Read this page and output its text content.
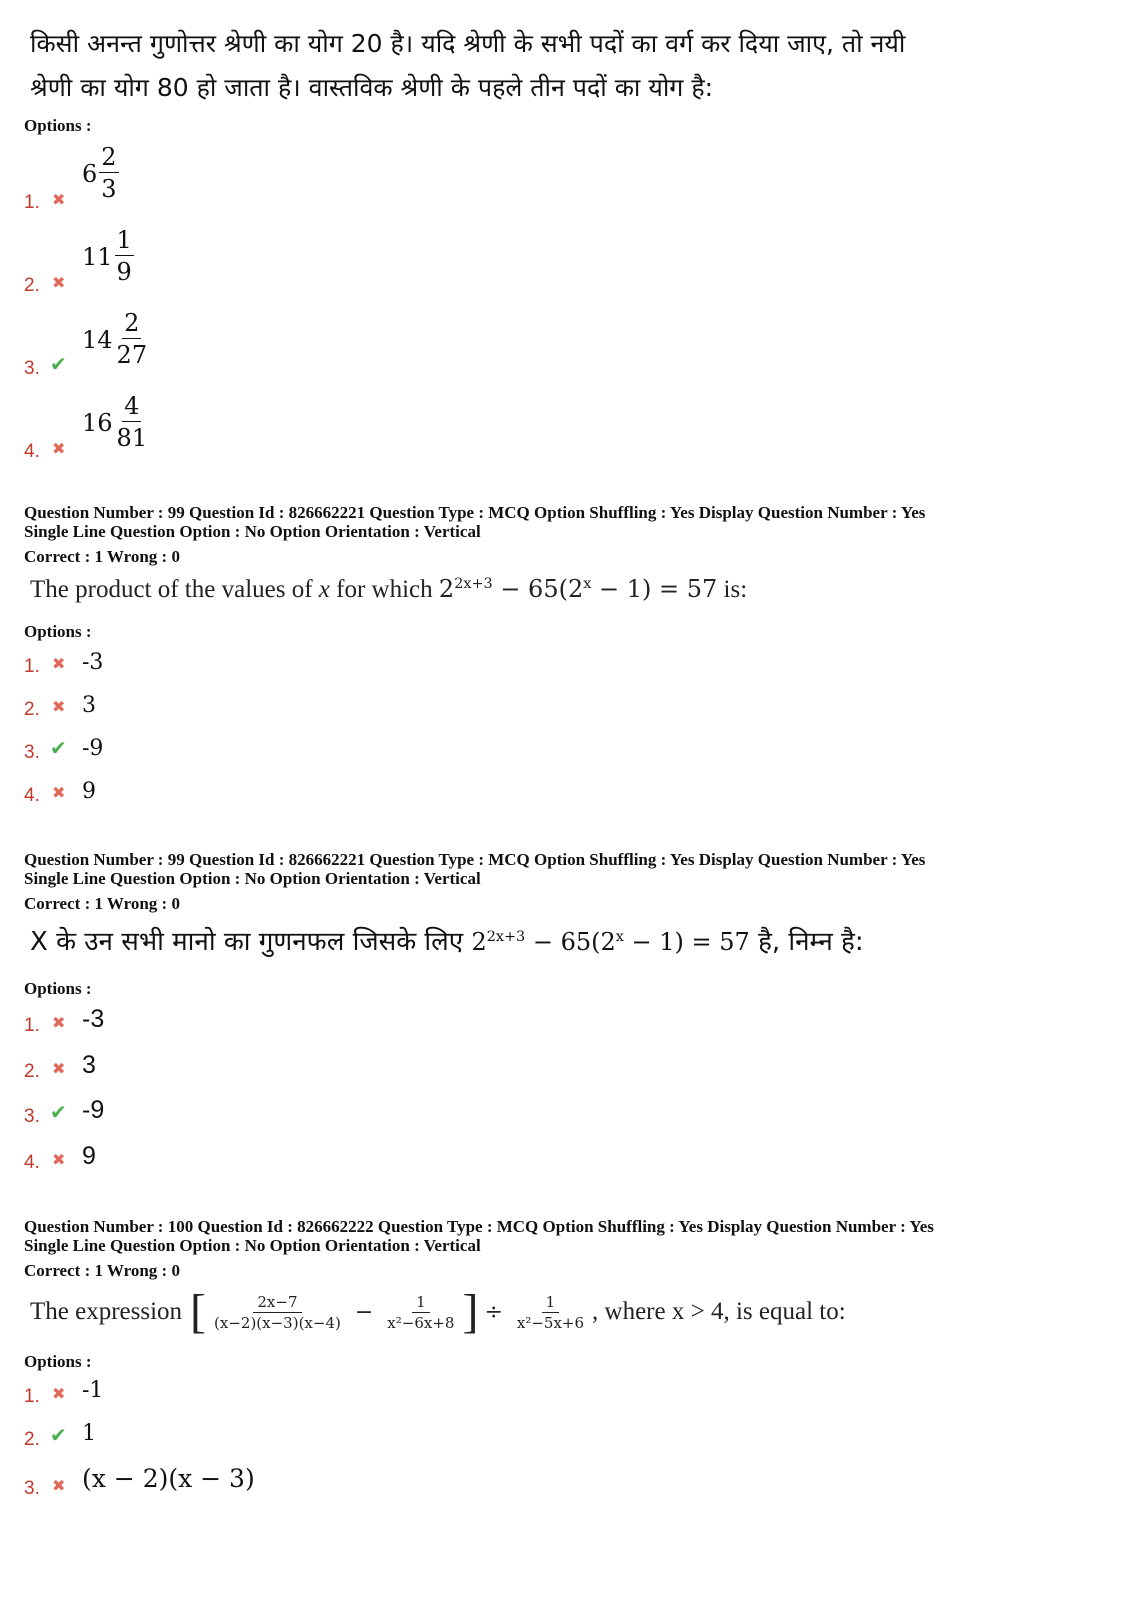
किसी अनन्त गुणोत्तर श्रेणी का योग 20 है। यदि श्रेणी के सभी पदों का वर्ग कर दिया जाए, तो नयी
श्रेणी का योग 80 हो जाता है। वास्तविक श्रेणी के पहले तीन पदों का योग है:
Options :
1. ✖
$6 \frac{2}{3}$
2. ✖
$11 \frac{1}{9}$
3. ✔
$14 \frac{2}{27}$
4. ✖
$16 \frac{4}{81}$
Question Number : 99 Question Id : 826662221 Question Type : MCQ Option Shuffling : Yes Display Question Number : Yes
Single Line Question Option : No Option Orientation : Vertical
Correct : 1 Wrong : 0
The product of the values of x for which $2^{2x+3} - 65(2^x - 1) = 57$ is:
Options :
1. ✖ -3
2. ✖ 3
3. ✔ -9
4. ✖ 9
Question Number : 99 Question Id : 826662221 Question Type : MCQ Option Shuffling : Yes Display Question Number : Yes
Single Line Question Option : No Option Orientation : Vertical
Correct : 1 Wrong : 0
X के उन सभी मानो का गुणनफल जिसके लिए $2^{2x+3} - 65(2^x - 1) = 57$ है, निम्न है:
Options :
1. ✖ -3
2. ✖ 3
3. ✔ -9
4. ✖ 9
Question Number : 100 Question Id : 826662222 Question Type : MCQ Option Shuffling : Yes Display Question Number : Yes
Single Line Question Option : No Option Orientation : Vertical
Correct : 1 Wrong : 0
The expression [ $\frac{2x-7}{(x-2)(x-3)(x-4)} - \frac{1}{\text{x²−6x+8}}$ ] ÷ $\frac{1}{\text{x²−5x+6}}$ , where x > 4, is equal to:
Options :
1. ✖ -1
2. ✔ 1
3. ✖ (x − 2)(x − 3)
